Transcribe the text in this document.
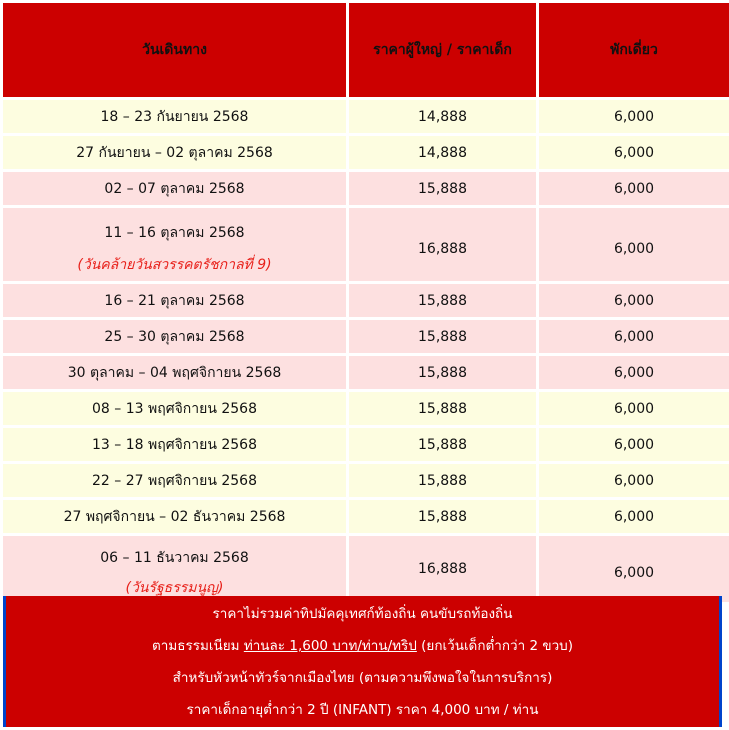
วันเดินทาง	ราคาผู้ใหญ่ / ราคาเด็ก	พักเดี่ยว
18 – 23 กันยายน 2568	14,888	6,000
27 กันยายน – 02 ตุลาคม 2568	14,888	6,000
02 – 07 ตุลาคม 2568	15,888	6,000
11 – 16 ตุลาคม 2568
(วันคล้ายวันสวรรคตรัชกาลที่ 9)	16,888	6,000
16 – 21 ตุลาคม 2568	15,888	6,000
25 – 30 ตุลาคม 2568	15,888	6,000
30 ตุลาคม – 04 พฤศจิกายน 2568	15,888	6,000
08 – 13 พฤศจิกายน 2568	15,888	6,000
13 – 18 พฤศจิกายน 2568	15,888	6,000
22 – 27 พฤศจิกายน 2568	15,888	6,000
27 พฤศจิกายน – 02 ธันวาคม 2568	15,888	6,000
06 – 11 ธันวาคม 2568
(วันรัฐธรรมนูญ)	16,888	6,000
ราคาไม่รวมค่าทิปมัคคุเทศก์ท้องถิ่น คนขับรถท้องถิ่น
ตามธรรมเนียม ท่านละ 1,600 บาท/ท่าน/ทริป (ยกเว้นเด็กต่ำกว่า 2 ขวบ)
สำหรับหัวหน้าทัวร์จากเมืองไทย (ตามความพึงพอใจในการบริการ)
ราคาเด็กอายุต่ำกว่า 2 ปี (INFANT) ราคา 4,000 บาท / ท่าน
